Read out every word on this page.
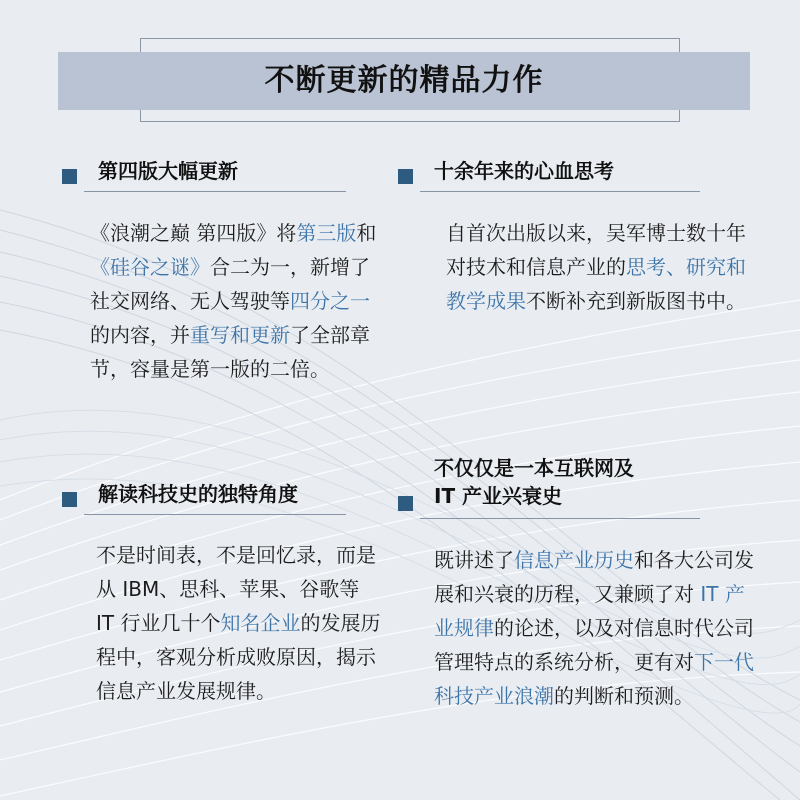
不断更新的精品力作
第四版大幅更新
《浪潮之巅 第四版》将第三版和《硅谷之谜》合二为一，新增了社交网络、无人驾驶等四分之一的内容，并重写和更新了全部章节，容量是第一版的二倍。
十余年来的心血思考
自首次出版以来，吴军博士数十年对技术和信息产业的思考、研究和教学成果不断补充到新版图书中。
解读科技史的独特角度
不是时间表，不是回忆录，而是从 IBM、思科、苹果、谷歌等 IT 行业几十个知名企业的发展历程中，客观分析成败原因，揭示信息产业发展规律。
不仅仅是一本互联网及
IT 产业兴衰史
既讲述了信息产业历史和各大公司发展和兴衰的历程，又兼顾了对 IT 产业规律的论述，以及对信息时代公司管理特点的系统分析，更有对下一代科技产业浪潮的判断和预测。
